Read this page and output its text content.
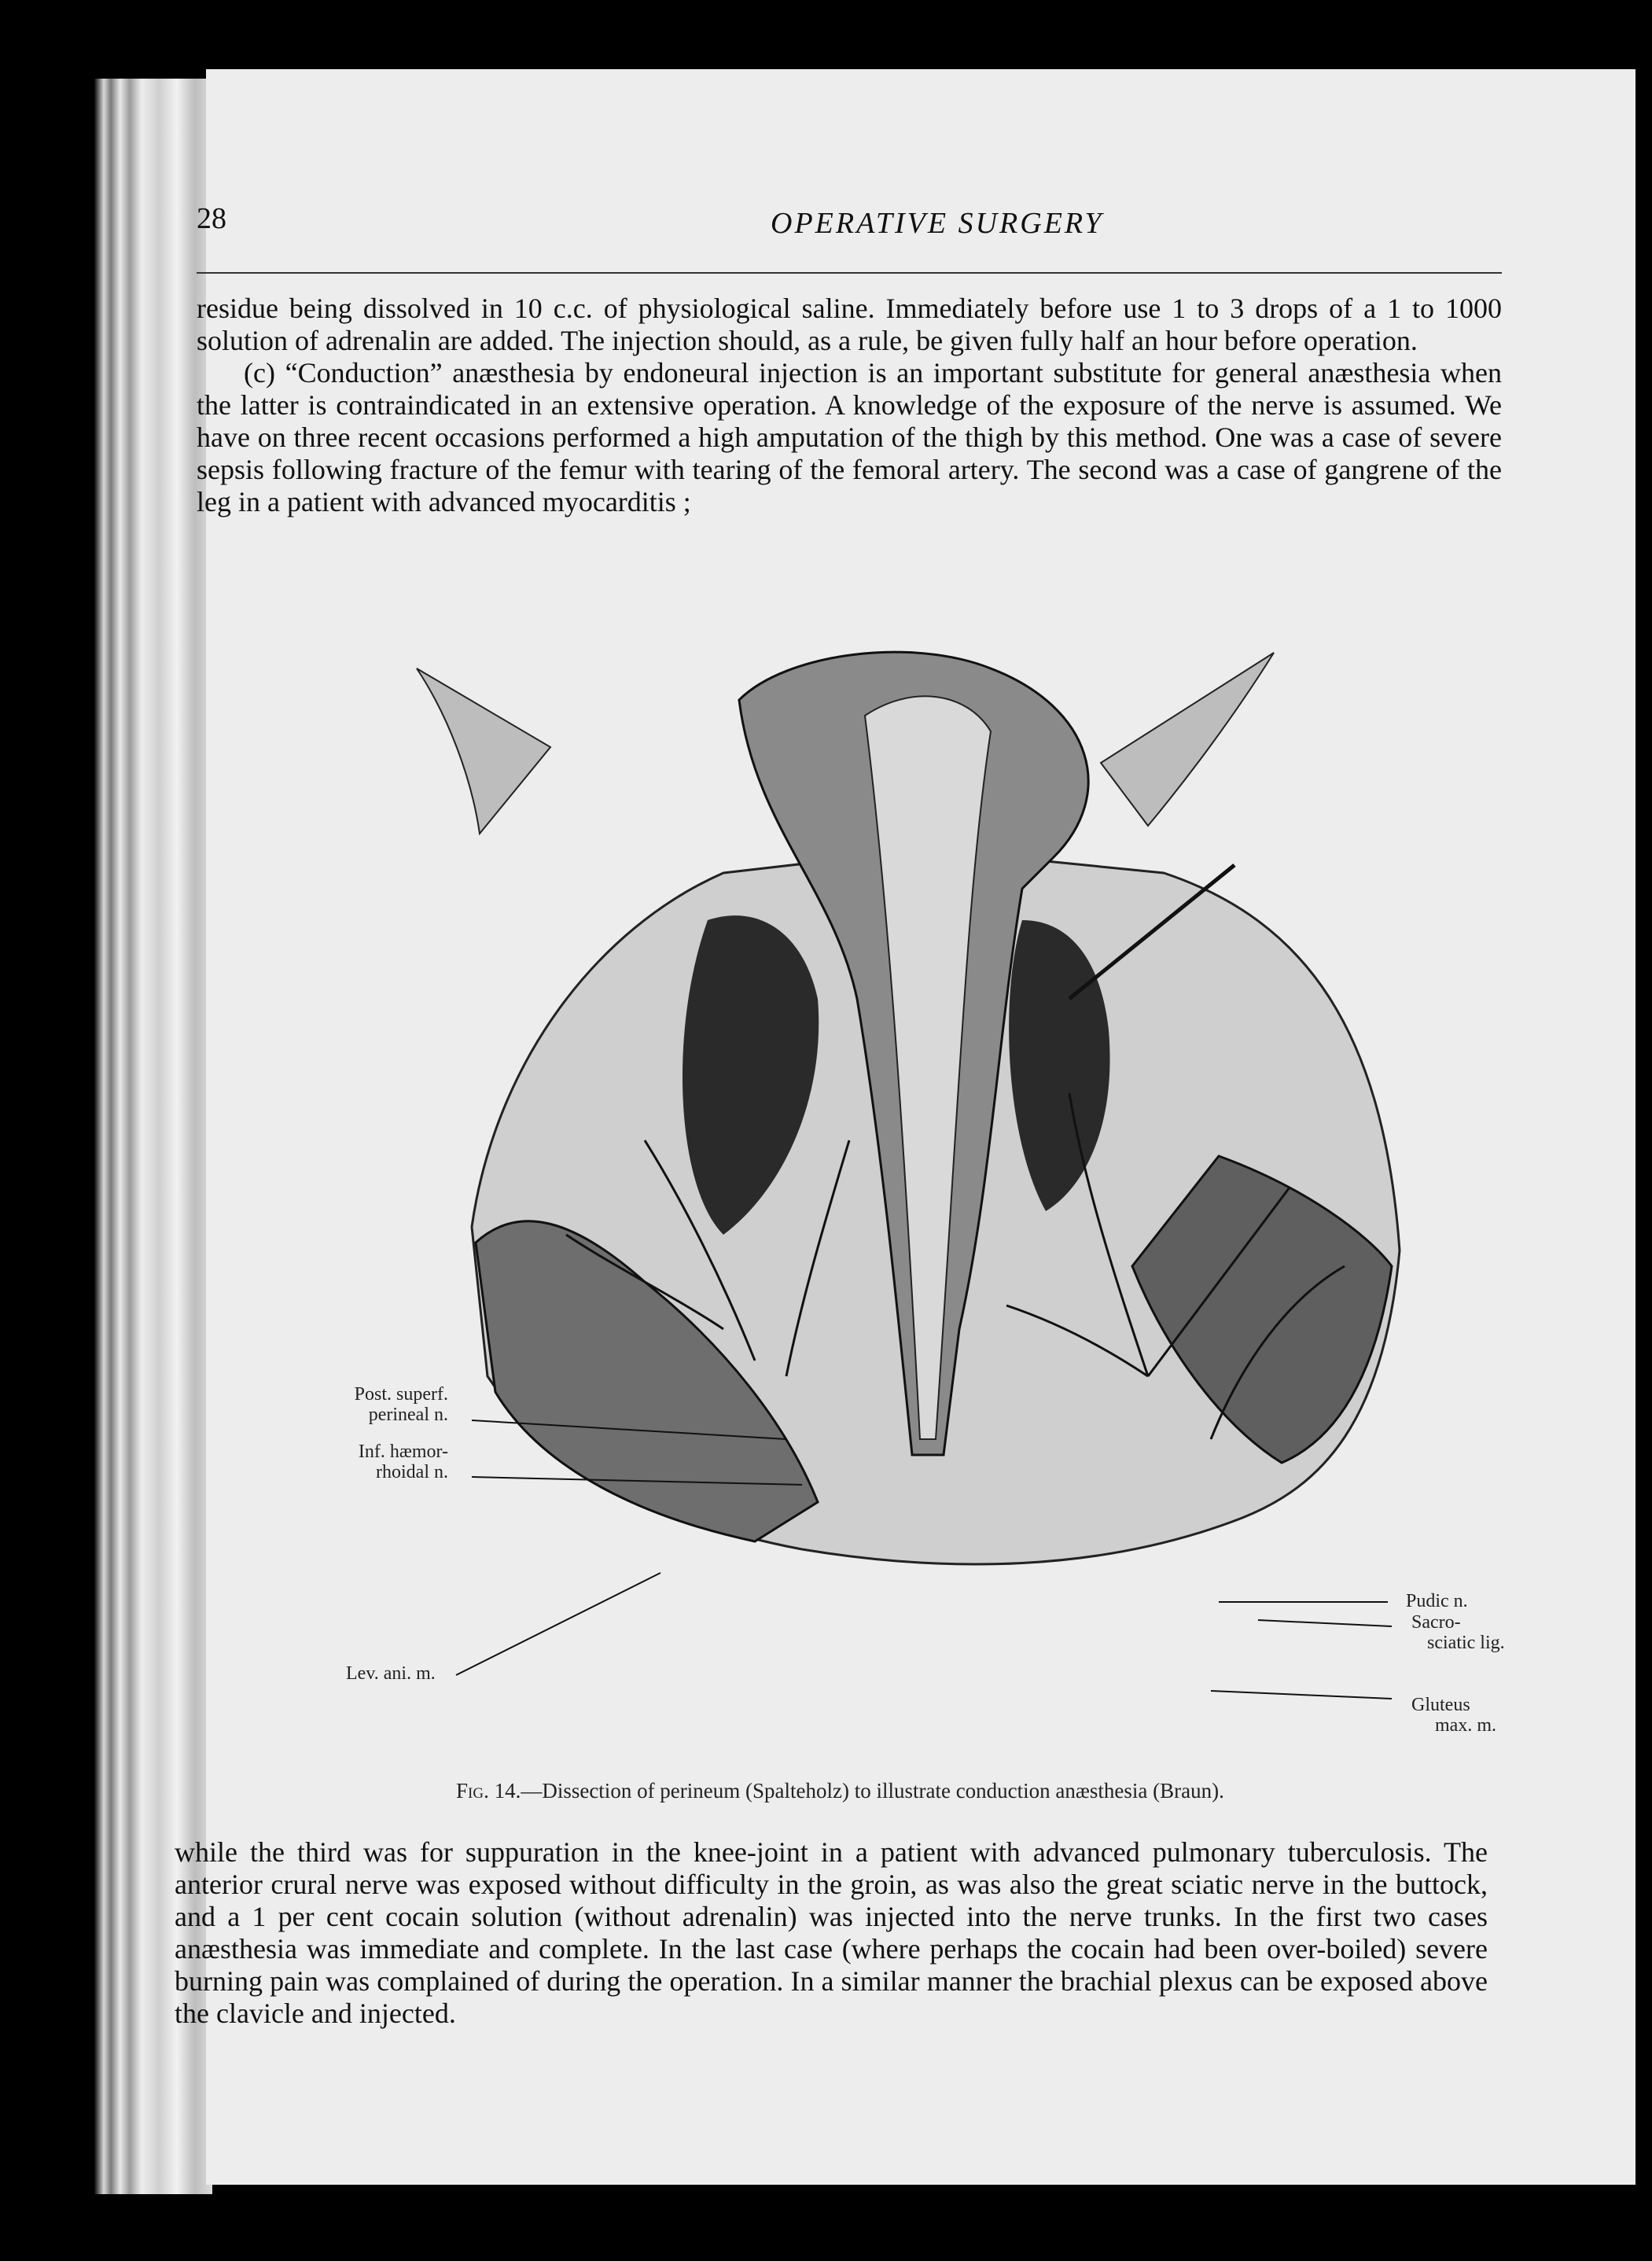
28	OPERATIVE SURGERY

residue being dissolved in 10 c.c. of physiological saline. Immediately before use 1 to 3 drops of a 1 to 1000 solution of adrenalin are added. The injection should, as a rule, be given fully half an hour before operation.

(c) “Conduction” anæsthesia by endoneural injection is an important substitute for general anæsthesia when the latter is contraindicated in an extensive operation. A knowledge of the exposure of the nerve is assumed. We have on three recent occasions performed a high amputation of the thigh by this method. One was a case of severe sepsis following fracture of the femur with tearing of the femoral artery. The second was a case of gangrene of the leg in a patient with advanced myocarditis ;

Post. superf.
perineal n.
Inf. hæmor-
rhoidal n.
Lev. ani. m.
Pudic n.
Sacro-
sciatic lig.
Gluteus
max. m.
Fig. 14.—Dissection of perineum (Spalteholz) to illustrate conduction anæsthesia (Braun).
while the third was for suppuration in the knee-joint in a patient with advanced pulmonary tuberculosis. The anterior crural nerve was exposed without difficulty in the groin, as was also the great sciatic nerve in the buttock, and a 1 per cent cocain solution (without adrenalin) was injected into the nerve trunks. In the first two cases anæsthesia was immediate and complete. In the last case (where perhaps the cocain had been over-boiled) severe burning pain was complained of during the operation. In a similar manner the brachial plexus can be exposed above the clavicle and injected.
